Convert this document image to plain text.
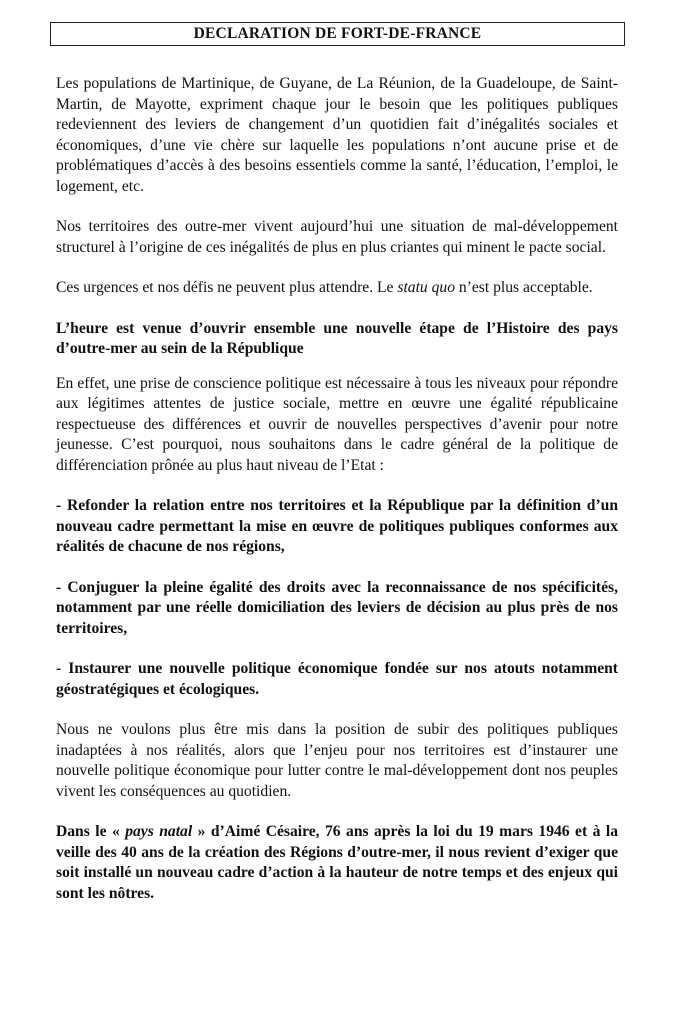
DECLARATION DE FORT-DE-FRANCE

Les populations de Martinique, de Guyane, de La Réunion, de la Guadeloupe, de Saint-Martin, de Mayotte, expriment chaque jour le besoin que les politiques publiques redeviennent des leviers de changement d’un quotidien fait d’inégalités sociales et économiques, d’une vie chère sur laquelle les populations n’ont aucune prise et de problématiques d’accès à des besoins essentiels comme la santé, l’éducation, l’emploi, le logement, etc.

Nos territoires des outre-mer vivent aujourd’hui une situation de mal-développement structurel à l’origine de ces inégalités de plus en plus criantes qui minent le pacte social.

Ces urgences et nos défis ne peuvent plus attendre. Le statu quo n’est plus acceptable.

L’heure est venue d’ouvrir ensemble une nouvelle étape de l’Histoire des pays d’outre-mer au sein de la République

En effet, une prise de conscience politique est nécessaire à tous les niveaux pour répondre aux légitimes attentes de justice sociale, mettre en œuvre une égalité républicaine respectueuse des différences et ouvrir de nouvelles perspectives d’avenir pour notre jeunesse. C’est pourquoi, nous souhaitons dans le cadre général de la politique de différenciation prônée au plus haut niveau de l’Etat :

- Refonder la relation entre nos territoires et la République par la définition d’un nouveau cadre permettant la mise en œuvre de politiques publiques conformes aux réalités de chacune de nos régions,

- Conjuguer la pleine égalité des droits avec la reconnaissance de nos spécificités, notamment par une réelle domiciliation des leviers de décision au plus près de nos territoires,

- Instaurer une nouvelle politique économique fondée sur nos atouts notamment géostratégiques et écologiques.

Nous ne voulons plus être mis dans la position de subir des politiques publiques inadaptées à nos réalités, alors que l’enjeu pour nos territoires est d’instaurer une nouvelle politique économique pour lutter contre le mal-développement dont nos peuples vivent les conséquences au quotidien.

Dans le « pays natal » d’Aimé Césaire, 76 ans après la loi du 19 mars 1946 et à la veille des 40 ans de la création des Régions d’outre-mer, il nous revient d’exiger que soit installé un nouveau cadre d’action à la hauteur de notre temps et des enjeux qui sont les nôtres.
